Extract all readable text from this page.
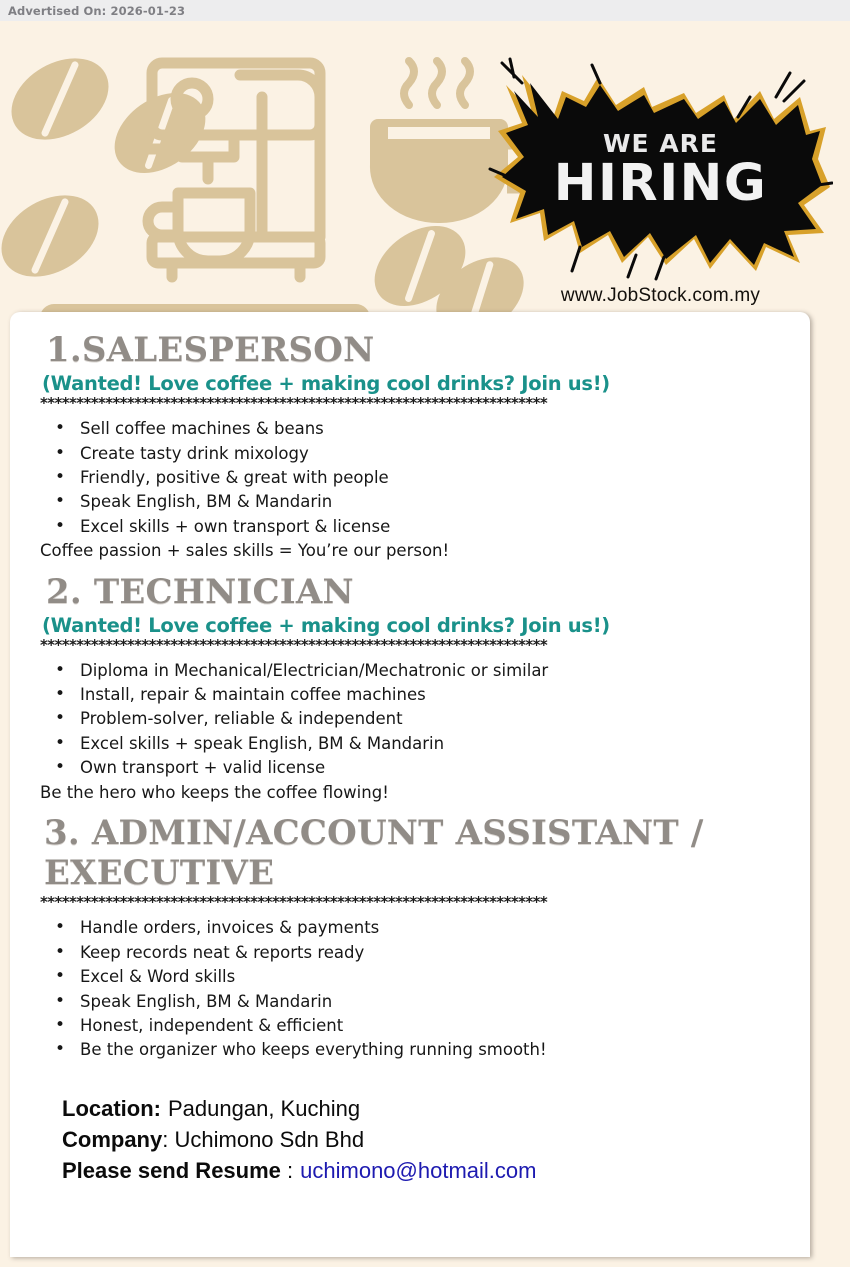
Advertised On: 2026-01-23
WE ARE
HIRING
www.JobStock.com.my
1.SALESPERSON
(Wanted! Love coffee + making cool drinks? Join us!)
**********************************************************************
• Sell coffee machines & beans
• Create tasty drink mixology
• Friendly, positive & great with people
• Speak English, BM & Mandarin
• Excel skills + own transport & license
Coffee passion + sales skills = You’re our person!
2. TECHNICIAN
(Wanted! Love coffee + making cool drinks? Join us!)
**********************************************************************
• Diploma in Mechanical/Electrician/Mechatronic or similar
• Install, repair & maintain coffee machines
• Problem-solver, reliable & independent
• Excel skills + speak English, BM & Mandarin
• Own transport + valid license
Be the hero who keeps the coffee flowing!
3. ADMIN/ACCOUNT ASSISTANT / EXECUTIVE
**********************************************************************
• Handle orders, invoices & payments
• Keep records neat & reports ready
• Excel & Word skills
• Speak English, BM & Mandarin
• Honest, independent & efficient
• Be the organizer who keeps everything running smooth!
Location: Padungan, Kuching
Company: Uchimono Sdn Bhd
Please send Resume : uchimono@hotmail.com
